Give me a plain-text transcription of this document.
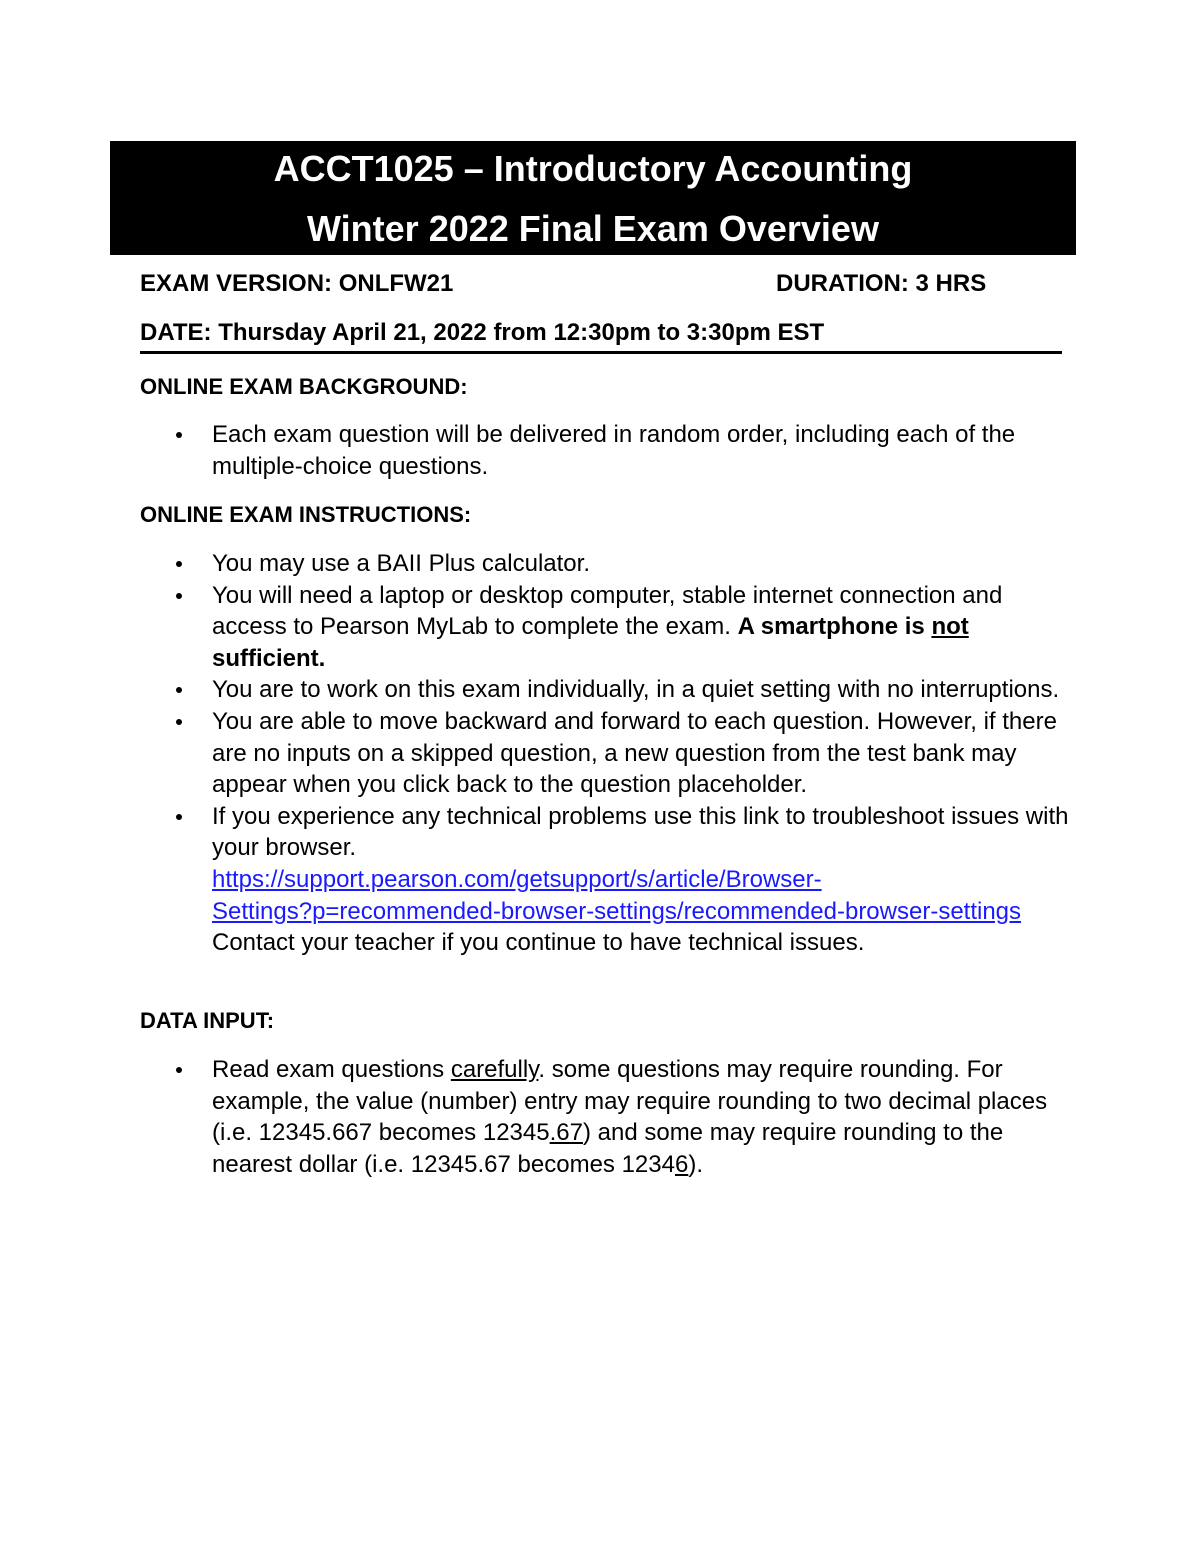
ACCT1025 – Introductory Accounting
Winter 2022 Final Exam Overview
EXAM VERSION: ONLFW21	DURATION: 3 HRS
DATE: Thursday April 21, 2022 from 12:30pm to 3:30pm EST
ONLINE EXAM BACKGROUND:
Each exam question will be delivered in random order, including each of the multiple-choice questions.
ONLINE EXAM INSTRUCTIONS:
You may use a BAII Plus calculator.
You will need a laptop or desktop computer, stable internet connection and access to Pearson MyLab to complete the exam. A smartphone is not sufficient.
You are to work on this exam individually, in a quiet setting with no interruptions.
You are able to move backward and forward to each question. However, if there are no inputs on a skipped question, a new question from the test bank may appear when you click back to the question placeholder.
If you experience any technical problems use this link to troubleshoot issues with your browser.
https://support.pearson.com/getsupport/s/article/Browser-
Settings?p=recommended-browser-settings/recommended-browser-settings
Contact your teacher if you continue to have technical issues.
DATA INPUT:
Read exam questions carefully. some questions may require rounding. For example, the value (number) entry may require rounding to two decimal places (i.e. 12345.667 becomes 12345.67) and some may require rounding to the nearest dollar (i.e. 12345.67 becomes 12346).
